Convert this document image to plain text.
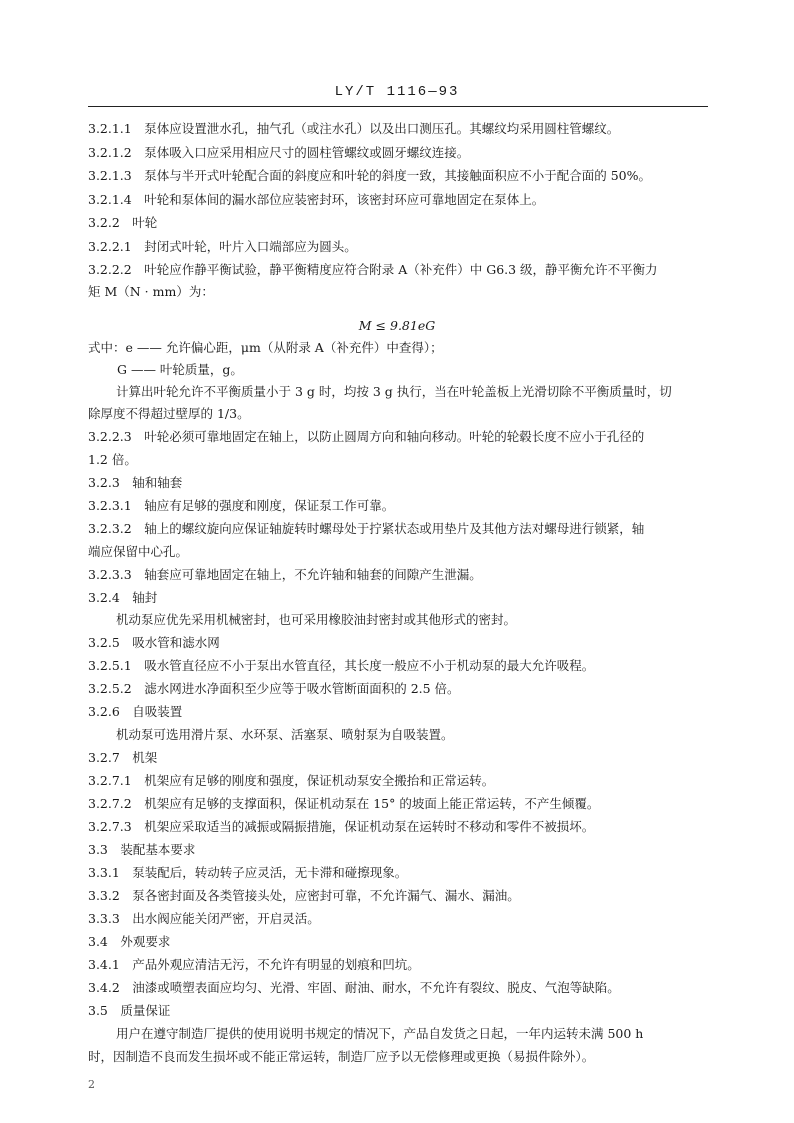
LY/T 1116—93
3.2.1.1　泵体应设置泄水孔，抽气孔（或注水孔）以及出口测压孔。其螺纹均采用圆柱管螺纹。
3.2.1.2　泵体吸入口应采用相应尺寸的圆柱管螺纹或圆牙螺纹连接。
3.2.1.3　泵体与半开式叶轮配合面的斜度应和叶轮的斜度一致，其接触面积应不小于配合面的 50%。
3.2.1.4　叶轮和泵体间的漏水部位应装密封环，该密封环应可靠地固定在泵体上。
3.2.2　叶轮
3.2.2.1　封闭式叶轮，叶片入口端部应为圆头。
3.2.2.2　叶轮应作静平衡试验，静平衡精度应符合附录 A（补充件）中 G6.3 级，静平衡允许不平衡力
矩 M（N · mm）为：
M ≤ 9.81eG
式中：e —— 允许偏心距，μm（从附录 A（补充件）中查得）；
G —— 叶轮质量，g。
计算出叶轮允许不平衡质量小于 3 g 时，均按 3 g 执行，当在叶轮盖板上光滑切除不平衡质量时，切
除厚度不得超过壁厚的 1/3。
3.2.2.3　叶轮必须可靠地固定在轴上，以防止圆周方向和轴向移动。叶轮的轮毂长度不应小于孔径的
1.2 倍。
3.2.3　轴和轴套
3.2.3.1　轴应有足够的强度和刚度，保证泵工作可靠。
3.2.3.2　轴上的螺纹旋向应保证轴旋转时螺母处于拧紧状态或用垫片及其他方法对螺母进行锁紧，轴
端应保留中心孔。
3.2.3.3　轴套应可靠地固定在轴上，不允许轴和轴套的间隙产生泄漏。
3.2.4　轴封
机动泵应优先采用机械密封，也可采用橡胶油封密封或其他形式的密封。
3.2.5　吸水管和滤水网
3.2.5.1　吸水管直径应不小于泵出水管直径，其长度一般应不小于机动泵的最大允许吸程。
3.2.5.2　滤水网进水净面积至少应等于吸水管断面面积的 2.5 倍。
3.2.6　自吸装置
机动泵可选用滑片泵、水环泵、活塞泵、喷射泵为自吸装置。
3.2.7　机架
3.2.7.1　机架应有足够的刚度和强度，保证机动泵安全搬抬和正常运转。
3.2.7.2　机架应有足够的支撑面积，保证机动泵在 15° 的坡面上能正常运转，不产生倾覆。
3.2.7.3　机架应采取适当的减振或隔振措施，保证机动泵在运转时不移动和零件不被损坏。
3.3　装配基本要求
3.3.1　泵装配后，转动转子应灵活，无卡滞和碰擦现象。
3.3.2　泵各密封面及各类管接头处，应密封可靠，不允许漏气、漏水、漏油。
3.3.3　出水阀应能关闭严密，开启灵活。
3.4　外观要求
3.4.1　产品外观应清洁无污，不允许有明显的划痕和凹坑。
3.4.2　油漆或喷塑表面应均匀、光滑、牢固、耐油、耐水，不允许有裂纹、脱皮、气泡等缺陷。
3.5　质量保证
用户在遵守制造厂提供的使用说明书规定的情况下，产品自发货之日起，一年内运转未满 500 h
时，因制造不良而发生损坏或不能正常运转，制造厂应予以无偿修理或更换（易损件除外）。
2
